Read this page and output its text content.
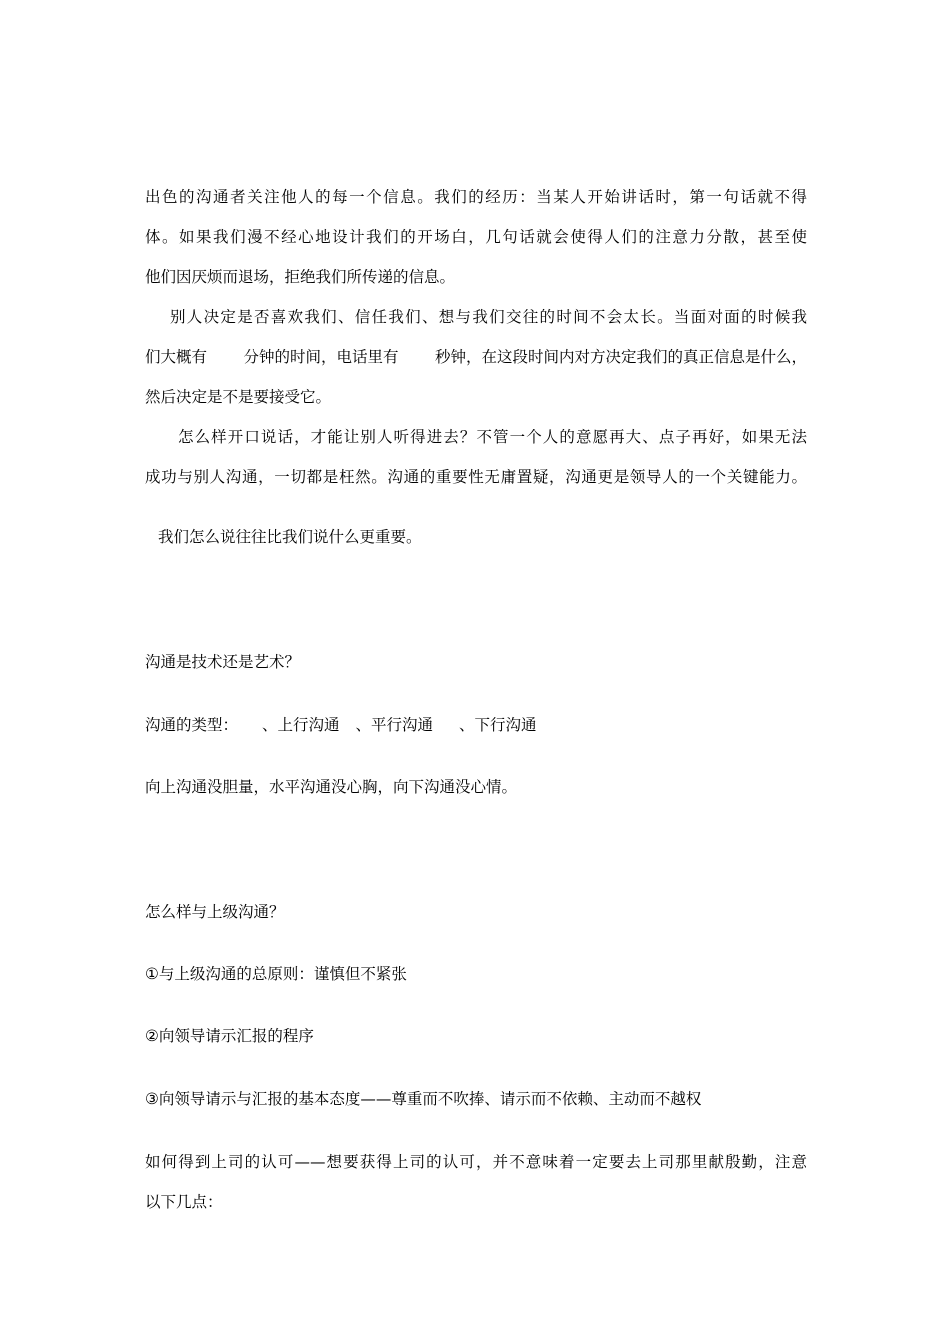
出色的沟通者关注他人的每一个信息。我们的经历：当某人开始讲话时，第一句话就不得
体。如果我们漫不经心地设计我们的开场白，几句话就会使得人们的注意力分散，甚至使
他们因厌烦而退场，拒绝我们所传递的信息。
别人决定是否喜欢我们、信任我们、想与我们交往的时间不会太长。当面对面的时候我
们大概有 分钟的时间，电话里有 秒钟，在这段时间内对方决定我们的真正信息是什么，
然后决定是不是要接受它。
怎么样开口说话，才能让别人听得进去？不管一个人的意愿再大、点子再好，如果无法
成功与别人沟通，一切都是枉然。沟通的重要性无庸置疑，沟通更是领导人的一个关键能力。
我们怎么说往往比我们说什么更重要。
沟通是技术还是艺术？
沟通的类型： 、上行沟通 、平行沟通 、下行沟通
向上沟通没胆量，水平沟通没心胸，向下沟通没心情。
怎么样与上级沟通？
①与上级沟通的总原则：谨慎但不紧张
②向领导请示汇报的程序
③向领导请示与汇报的基本态度——尊重而不吹捧、请示而不依赖、主动而不越权
如何得到上司的认可——想要获得上司的认可，并不意味着一定要去上司那里献殷勤，注意
以下几点：
